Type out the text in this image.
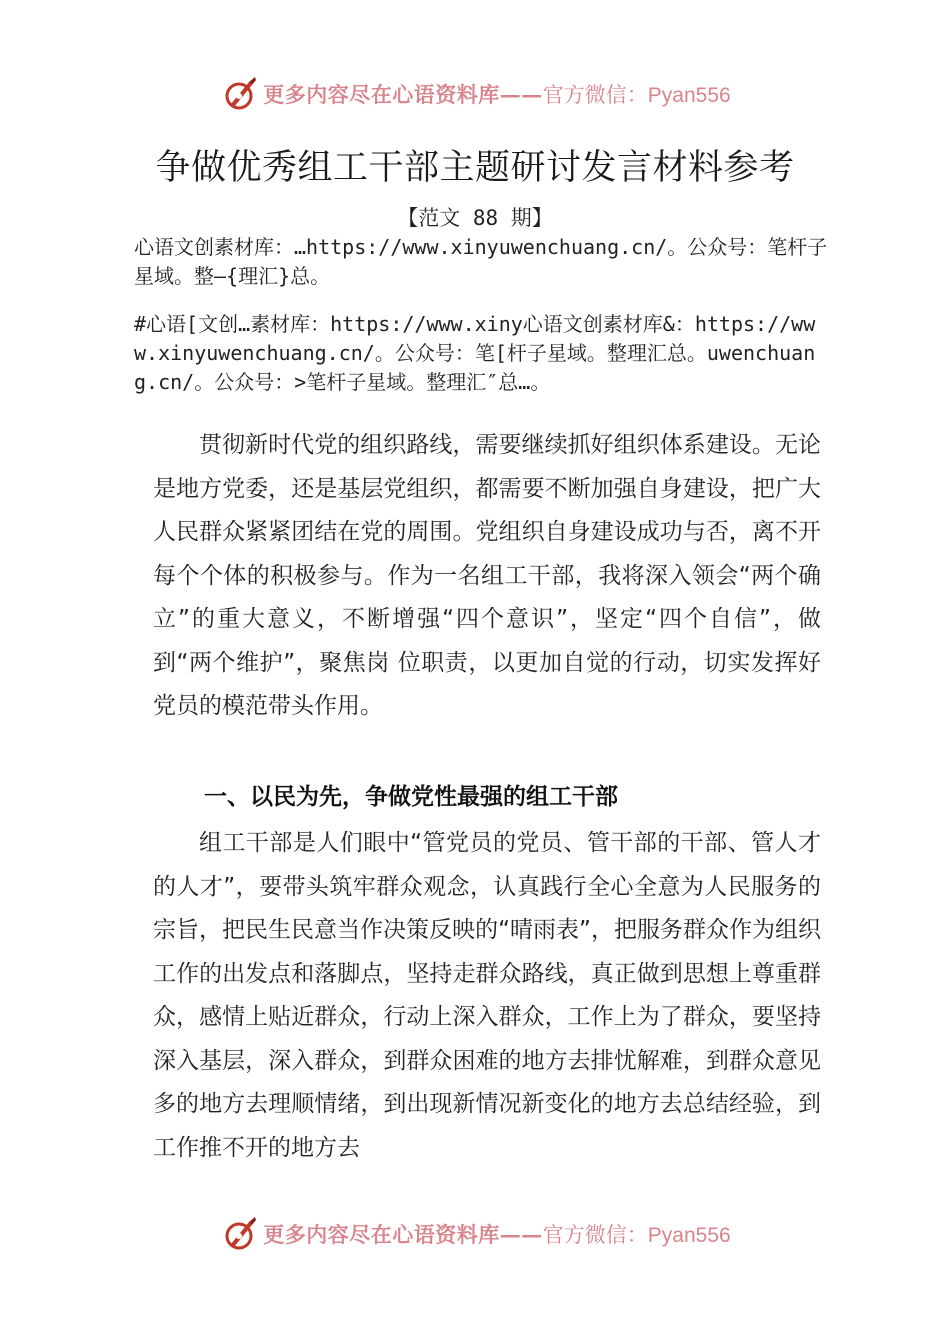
更多内容尽在心语资料库 —— 官方微信：Pyan556
争做优秀组工干部主题研讨发言材料参考
【范文 88 期】
心语文创素材库：…https://www.xinyuwenchuang.cn/。公众号：笔杆子星域。整—{理汇}总。
#心语[文创…素材库：https://www.xiny心语文创素材库&：https://www.xinyuwenchuang.cn/。公众号：笔[杆子星域。整理汇总。uwenchuang.cn/。公众号：>笔杆子星域。整理汇″总…。

贯彻新时代党的组织路线，需要继续抓好组织体系建设。无论是地方党委，还是基层党组织，都需要不断加强自身建设，把广大人民群众紧紧团结在党的周围。党组织自身建设成功与否，离不开每个个体的积极参与。作为一名组工干部，我将深入领会“两个确立”的重大意义，不断增强“四个意识”，坚定“四个自信”，做到“两个维护”，聚焦岗 位职责，以更加自觉的行动，切实发挥好党员的模范带头作用。

一、以民为先，争做党性最强的组工干部

组工干部是人们眼中“管党员的党员、管干部的干部、管人才的人才”，要带头筑牢群众观念，认真践行全心全意为人民服务的宗旨，把民生民意当作决策反映的“晴雨表”，把服务群众作为组织工作的出发点和落脚点，坚持走群众路线，真正做到思想上尊重群众，感情上贴近群众，行动上深入群众，工作上为了群众，要坚持深入基层，深入群众，到群众困难的地方去排忧解难，到群众意见多的地方去理顺情绪，到出现新情况新变化的地方去总结经验，到工作推不开的地方去

更多内容尽在心语资料库 —— 官方微信：Pyan556
